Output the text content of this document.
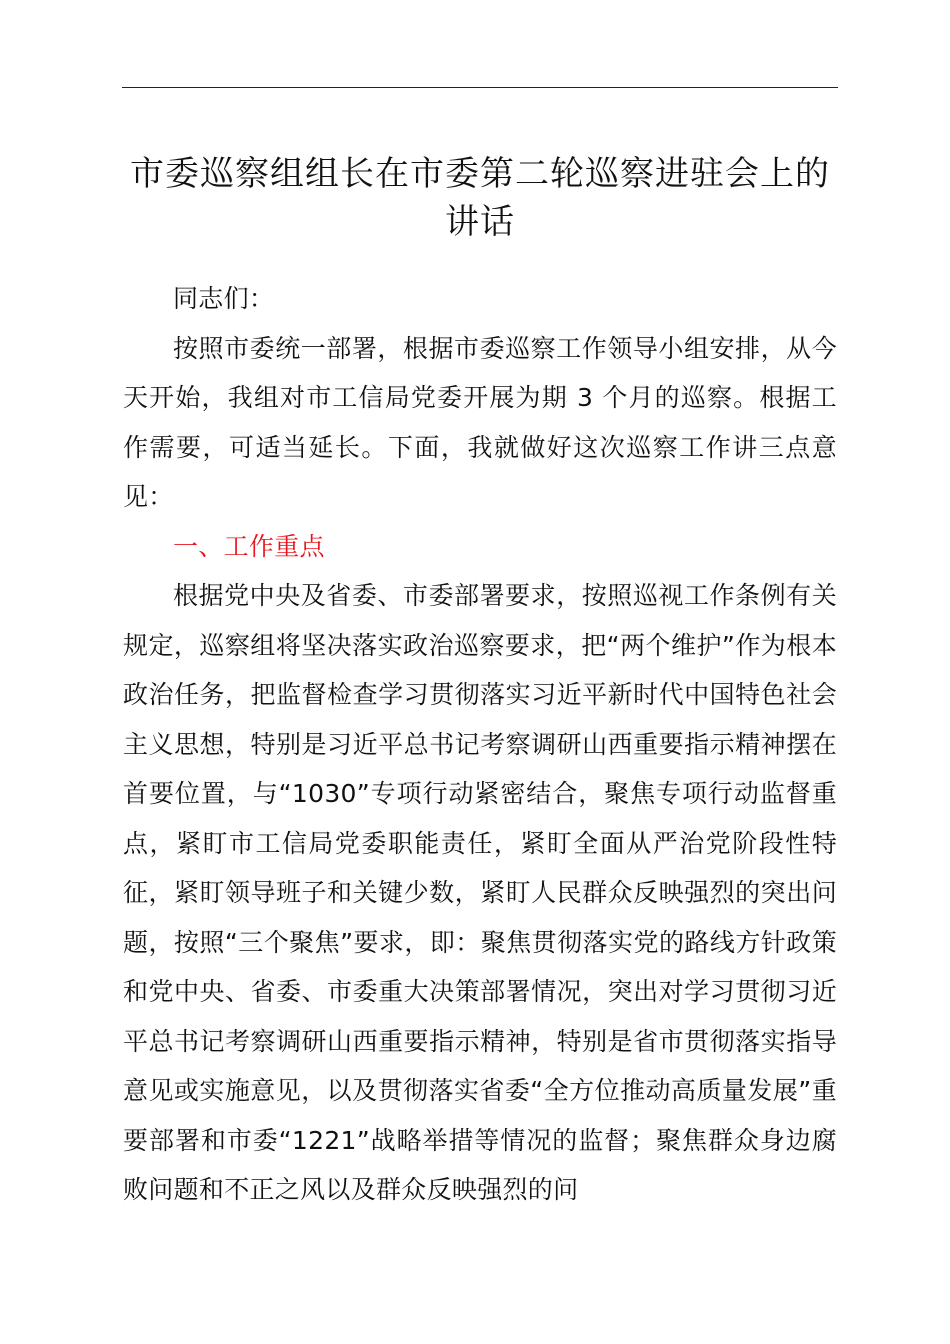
市委巡察组组长在市委第二轮巡察进驻会上的
讲话

同志们：

按照市委统一部署，根据市委巡察工作领导小组安排，从今天开始，我组对市工信局党委开展为期 3 个月的巡察。根据工作需要，可适当延长。下面，我就做好这次巡察工作讲三点意见：

一、工作重点

根据党中央及省委、市委部署要求，按照巡视工作条例有关规定，巡察组将坚决落实政治巡察要求，把“两个维护”作为根本政治任务，把监督检查学习贯彻落实习近平新时代中国特色社会主义思想，特别是习近平总书记考察调研山西重要指示精神摆在首要位置，与“1030”专项行动紧密结合，聚焦专项行动监督重点，紧盯市工信局党委职能责任，紧盯全面从严治党阶段性特征，紧盯领导班子和关键少数，紧盯人民群众反映强烈的突出问题，按照“三个聚焦”要求，即：聚焦贯彻落实党的路线方针政策和党中央、省委、市委重大决策部署情况，突出对学习贯彻习近平总书记考察调研山西重要指示精神，特别是省市贯彻落实指导意见或实施意见，以及贯彻落实省委“全方位推动高质量发展”重要部署和市委“1221”战略举措等情况的监督；聚焦群众身边腐败问题和不正之风以及群众反映强烈的问
